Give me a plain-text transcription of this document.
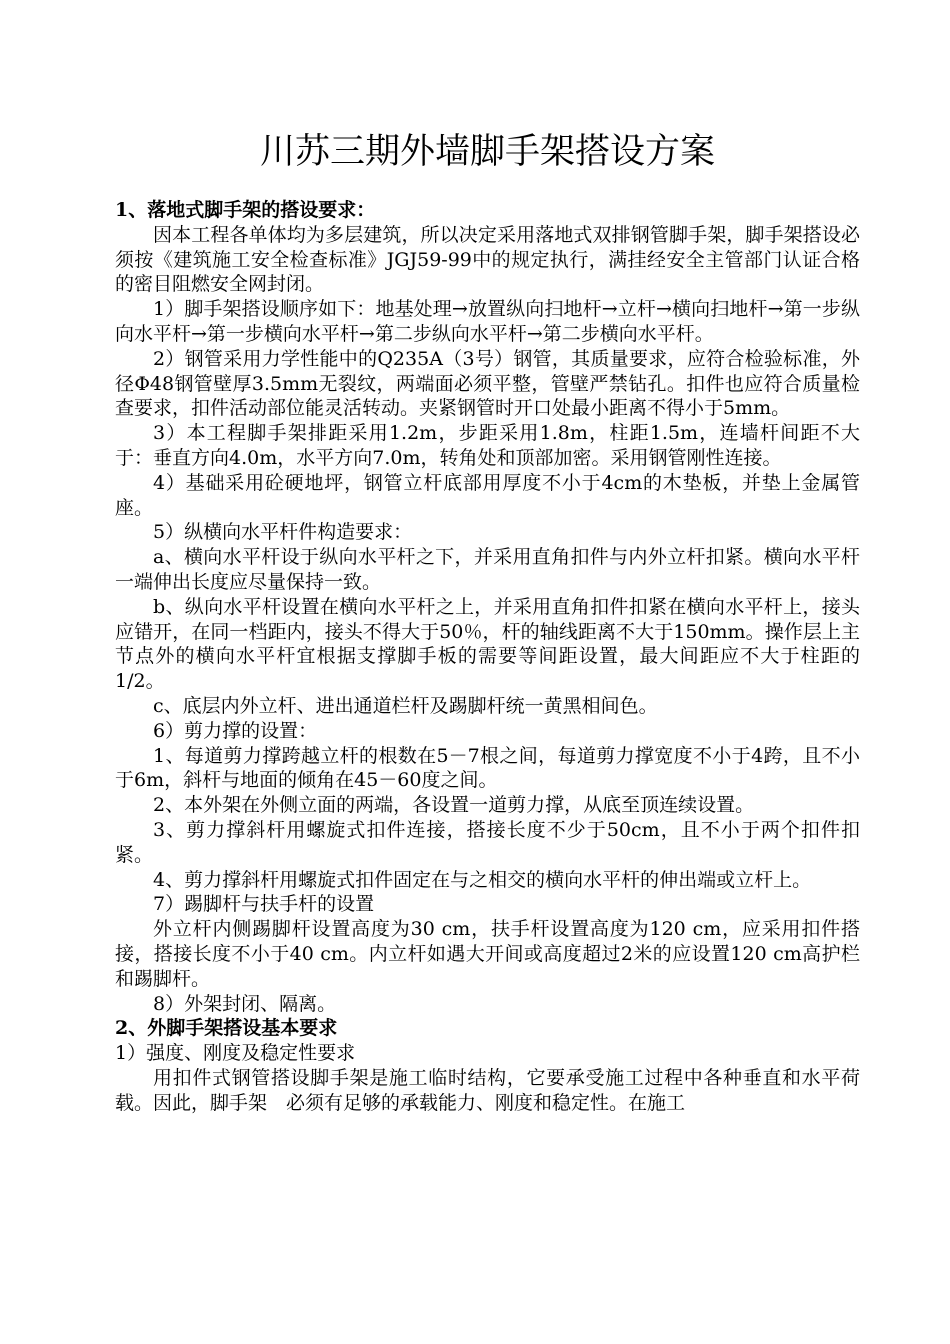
川苏三期外墙脚手架搭设方案

1、落地式脚手架的搭设要求：

因本工程各单体均为多层建筑，所以决定采用落地式双排钢管脚手架，脚手架搭设必须按《建筑施工安全检查标准》JGJ59-99中的规定执行，满挂经安全主管部门认证合格的密目阻燃安全网封闭。

1）脚手架搭设顺序如下：地基处理→放置纵向扫地杆→立杆→横向扫地杆→第一步纵向水平杆→第一步横向水平杆→第二步纵向水平杆→第二步横向水平杆。

2）钢管采用力学性能中的Q235A（3号）钢管，其质量要求，应符合检验标准，外径Φ48钢管壁厚3.5mm无裂纹，两端面必须平整，管壁严禁钻孔。扣件也应符合质量检查要求，扣件活动部位能灵活转动。夹紧钢管时开口处最小距离不得小于5mm。

3）本工程脚手架排距采用1.2m，步距采用1.8m，柱距1.5m，连墙杆间距不大于：垂直方向4.0m，水平方向7.0m，转角处和顶部加密。采用钢管刚性连接。

4）基础采用砼硬地坪，钢管立杆底部用厚度不小于4cm的木垫板，并垫上金属管座。

5）纵横向水平杆件构造要求：

a、横向水平杆设于纵向水平杆之下，并采用直角扣件与内外立杆扣紧。横向水平杆一端伸出长度应尽量保持一致。

b、纵向水平杆设置在横向水平杆之上，并采用直角扣件扣紧在横向水平杆上，接头应错开，在同一档距内，接头不得大于50％，杆的轴线距离不大于150mm。操作层上主节点外的横向水平杆宜根据支撑脚手板的需要等间距设置，最大间距应不大于柱距的1/2。

c、底层内外立杆、进出通道栏杆及踢脚杆统一黄黑相间色。

6）剪力撑的设置：

1、每道剪力撑跨越立杆的根数在5－7根之间，每道剪力撑宽度不小于4跨，且不小于6m，斜杆与地面的倾角在45－60度之间。

2、本外架在外侧立面的两端，各设置一道剪力撑，从底至顶连续设置。

3、剪力撑斜杆用螺旋式扣件连接，搭接长度不少于50cm，且不小于两个扣件扣紧。

4、剪力撑斜杆用螺旋式扣件固定在与之相交的横向水平杆的伸出端或立杆上。

7）踢脚杆与扶手杆的设置

外立杆内侧踢脚杆设置高度为30 cm，扶手杆设置高度为120 cm，应采用扣件搭接，搭接长度不小于40 cm。内立杆如遇大开间或高度超过2米的应设置120 cm高护栏和踢脚杆。

8）外架封闭、隔离。

2、外脚手架搭设基本要求

1）强度、刚度及稳定性要求

用扣件式钢管搭设脚手架是施工临时结构，它要承受施工过程中各种垂直和水平荷载。因此，脚手架　必须有足够的承载能力、刚度和稳定性。在施工
